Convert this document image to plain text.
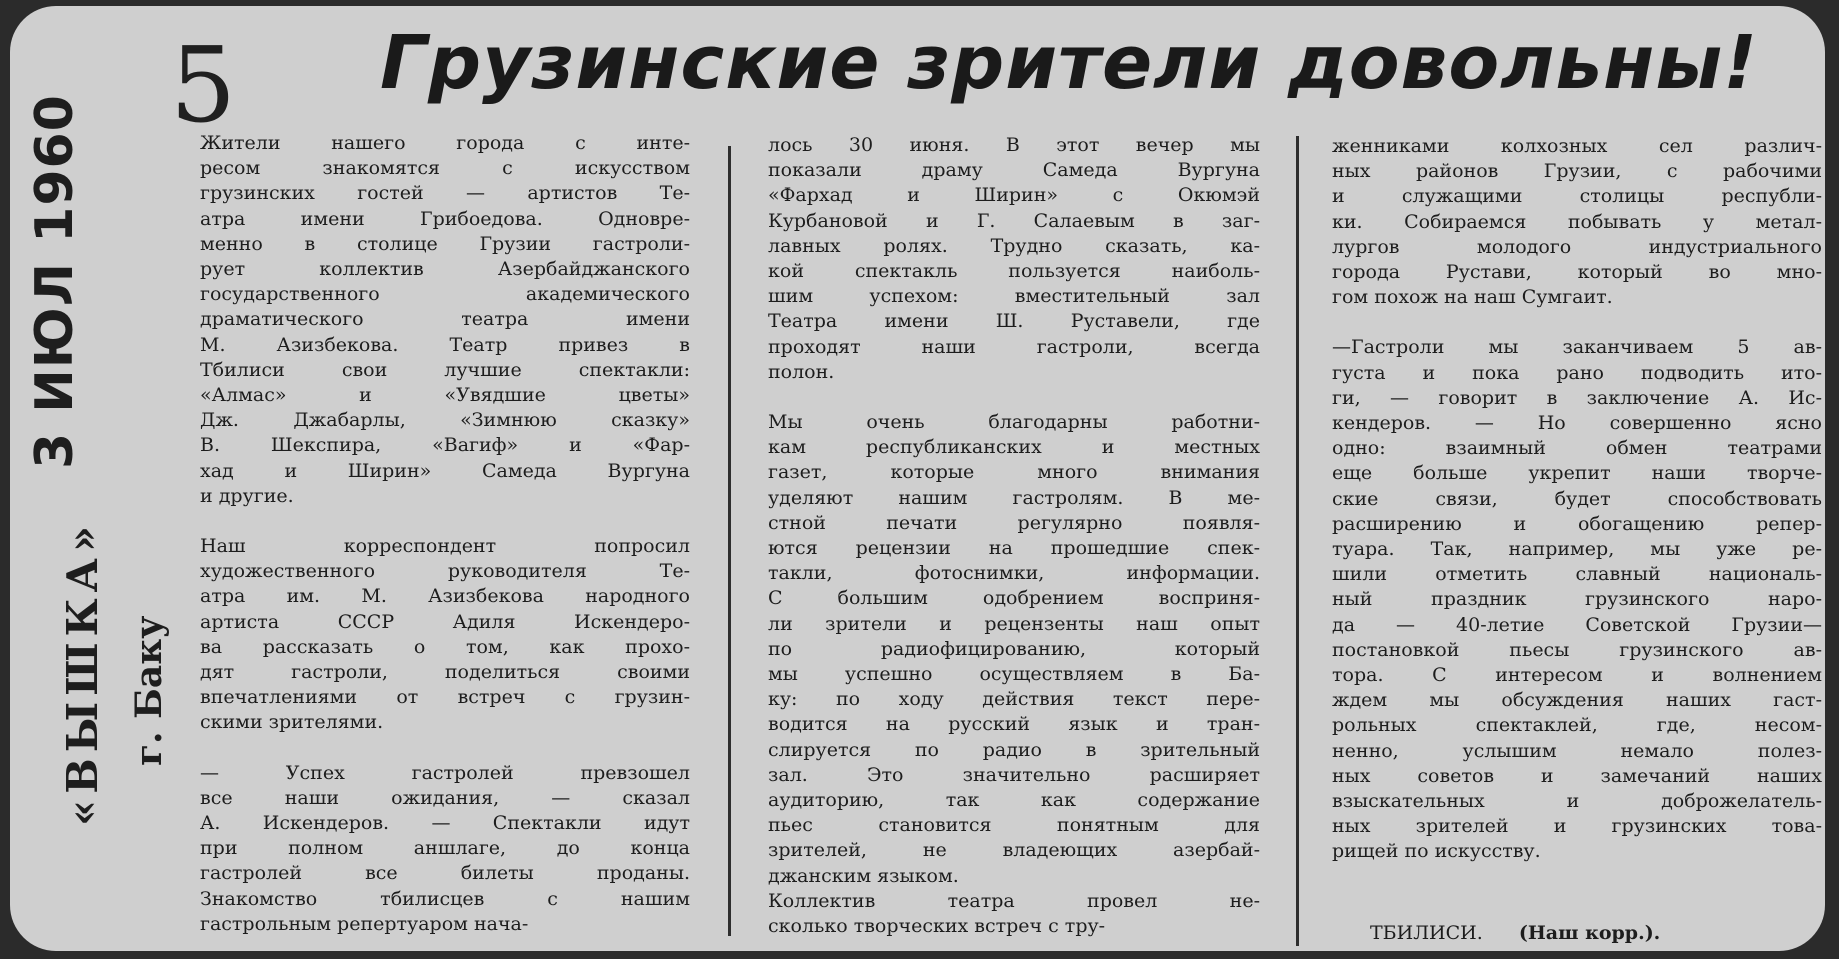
5 Грузинские зрители довольны!
3 ИЮЛ 1960
«ВЫШКА» г. Баку

Жители нашего города с инте-

ресом знакомятся с искусством

грузинских гостей — артистов Те-

атра имени Грибоедова. Одновре-

менно в столице Грузии гастроли-

рует коллектив Азербайджанского

государственного академического

драматического театра имени

М. Азизбекова. Театр привез в

Тбилиси свои лучшие спектакли:

«Алмас» и «Увядшие цветы»

Дж. Джабарлы, «Зимнюю сказку»

В. Шекспира, «Вагиф» и «Фар-

хад и Ширин» Самеда Вургуна

и другие.

Наш корреспондент попросил

художественного руководителя Те-

атра им. М. Азизбекова народного

артиста СССР Адиля Искендеро-

ва рассказать о том, как прохо-

дят гастроли, поделиться своими

впечатлениями от встреч с грузин-

скими зрителями.

— Успех гастролей превзошел

все наши ожидания, — сказал

А. Искендеров. — Спектакли идут

при полном аншлаге, до конца

гастролей все билеты проданы.

Знакомство тбилисцев с нашим

гастрольным репертуаром нача-

лось 30 июня. В этот вечер мы

показали драму Самеда Вургуна

«Фархад и Ширин» с Окюмэй

Курбановой и Г. Салаевым в заг-

лавных ролях. Трудно сказать, ка-

кой спектакль пользуется наиболь-

шим успехом: вместительный зал

Театра имени Ш. Руставели, где

проходят наши гастроли, всегда

полон.

Мы очень благодарны работни-

кам республиканских и местных

газет, которые много внимания

уделяют нашим гастролям. В ме-

стной печати регулярно появля-

ются рецензии на прошедшие спек-

такли, фотоснимки, информации.

С большим одобрением восприня-

ли зрители и рецензенты наш опыт

по радиофицированию, который

мы успешно осуществляем в Ба-

ку: по ходу действия текст пере-

водится на русский язык и тран-

слируется по радио в зрительный

зал. Это значительно расширяет

аудиторию, так как содержание

пьес становится понятным для

зрителей, не владеющих азербай-

джанским языком.

Коллектив театра провел не-

сколько творческих встреч с тру-

женниками колхозных сел различ-

ных районов Грузии, с рабочими

и служащими столицы республи-

ки. Собираемся побывать у метал-

лургов молодого индустриального

города Рустави, который во мно-

гом похож на наш Сумгаит.

—Гастроли мы заканчиваем 5 ав-

густа и пока рано подводить ито-

ги, — говорит в заключение А. Ис-

кендеров. — Но совершенно ясно

одно: взаимный обмен театрами

еще больше укрепит наши творче-

ские связи, будет способствовать

расширению и обогащению репер-

туара. Так, например, мы уже ре-

шили отметить славный националь-

ный праздник грузинского наро-

да — 40-летие Советской Грузии—

постановкой пьесы грузинского ав-

тора. С интересом и волнением

ждем мы обсуждения наших гаст-

рольных спектаклей, где, несом-

ненно, услышим немало полез-

ных советов и замечаний наших

взыскательных и доброжелатель-

ных зрителей и грузинских това-

рищей по искусству.

ТБИЛИСИ. (Наш корр.).
